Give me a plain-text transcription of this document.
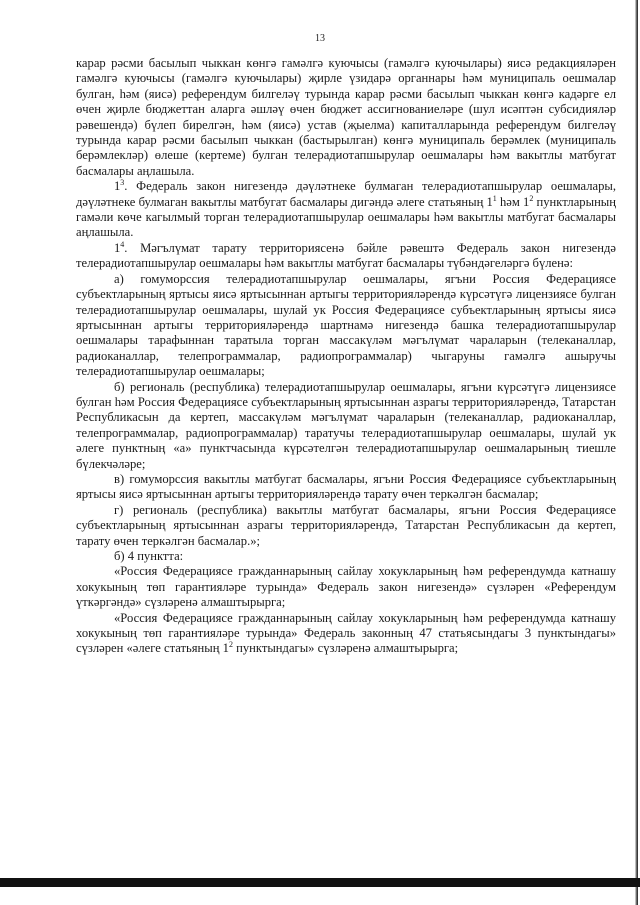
13

карар рәсми басылып чыккан көнгә гамәлгә куючысы (гамәлгә куючылары) яисә редакцияләрен гамәлгә куючысы (гамәлгә куючылары) җирле үзидарә органнары һәм муниципаль оешмалар булган, һәм (яисә) референдум билгеләү турында карар рәсми басылып чыккан көнгә кадәрге ел өчен җирле бюджеттан аларга әшләү өчен бюджет ассигнованиеләре (шул исәптән субсидияләр рәвешендә) бүлеп бирелгән, һәм (яисә) устав (җыелма) капиталларында референдум билгеләү турында карар рәсми басылып чыккан (бастырылган) көнгә муниципаль берәмлек (муниципаль берәмлекләр) өлеше (кертеме) булган телерадиотапшырулар оешмалары һәм вакытлы матбугат басмалары аңлашыла.

$1^3$. Федераль закон нигезендә дәүләтнеке булмаган телерадиотапшырулар оешмалары, дәүләтнеке булмаган вакытлы матбугат басмалары дигәндә әлеге статьяның $1^1$ һәм $1^2$ пунктларының гамәли көче кагылмый торган телерадиотапшырулар оешмалары һәм вакытлы матбугат басмалары аңлашыла.

$1^4$. Мәгълүмат тарату территориясенә бәйле рәвештә Федераль закон нигезендә телерадиотапшырулар оешмалары һәм вакытлы матбугат басмалары түбәндәгеләргә бүленә:

а) гомуморссия телерадиотапшырулар оешмалары, ягъни Россия Федерациясе субъектларының яртысы яисә яртысыннан артыгы территорияләрендә күрсәтүгә лицензиясе булган телерадиотапшырулар оешмалары, шулай ук Россия Федерациясе субъектларының яртысы яисә яртысыннан артыгы территорияләрендә шартнамә нигезендә башка телерадиотапшырулар оешмалары тарафыннан таратыла торган массакүләм мәгълүмат чараларын (телеканаллар, радиоканаллар, телепрограммалар, радиопрограммалар) чыгаруны гамәлгә ашыручы телерадиотапшырулар оешмалары;

б) региональ (республика) телерадиотапшырулар оешмалары, ягъни күрсәтүгә лицензиясе булган һәм Россия Федерациясе субъектларының яртысыннан азрагы территорияләрендә, Татарстан Республикасын да кертеп, массакүләм мәгълүмат чараларын (телеканаллар, радиоканаллар, телепрограммалар, радиопрограммалар) таратучы телерадиотапшырулар оешмалары, шулай ук әлеге пунктның «а» пунктчасында күрсәтелгән телерадиотапшырулар оешмаларының тиешле бүлекчәләре;

в) гомуморссия вакытлы матбугат басмалары, ягъни Россия Федерациясе субъектларының яртысы яисә яртысыннан артыгы территорияләрендә тарату өчен теркәлгән басмалар;

г) региональ (республика) вакытлы матбугат басмалары, ягъни Россия Федерациясе субъектларының яртысыннан азрагы территорияләрендә, Татарстан Республикасын да кертеп, тарату өчен теркәлгән басмалар.»;

б) 4 пунктта:

«Россия Федерациясе гражданнарының сайлау хокукларының һәм референдумда катнашу хокукының төп гарантияләре турында» Федераль закон нигезендә» сүзләрен «Референдум үткәргәндә» сүзләренә алмаштырырга;

«Россия Федерациясе гражданнарының сайлау хокукларының һәм референдумда катнашу хокукының төп гарантияләре турында» Федераль законның 47 статьясындагы 3 пунктындагы» сүзләрен «әлеге статьяның $1^2$ пунктындагы» сүзләренә алмаштырырга;
